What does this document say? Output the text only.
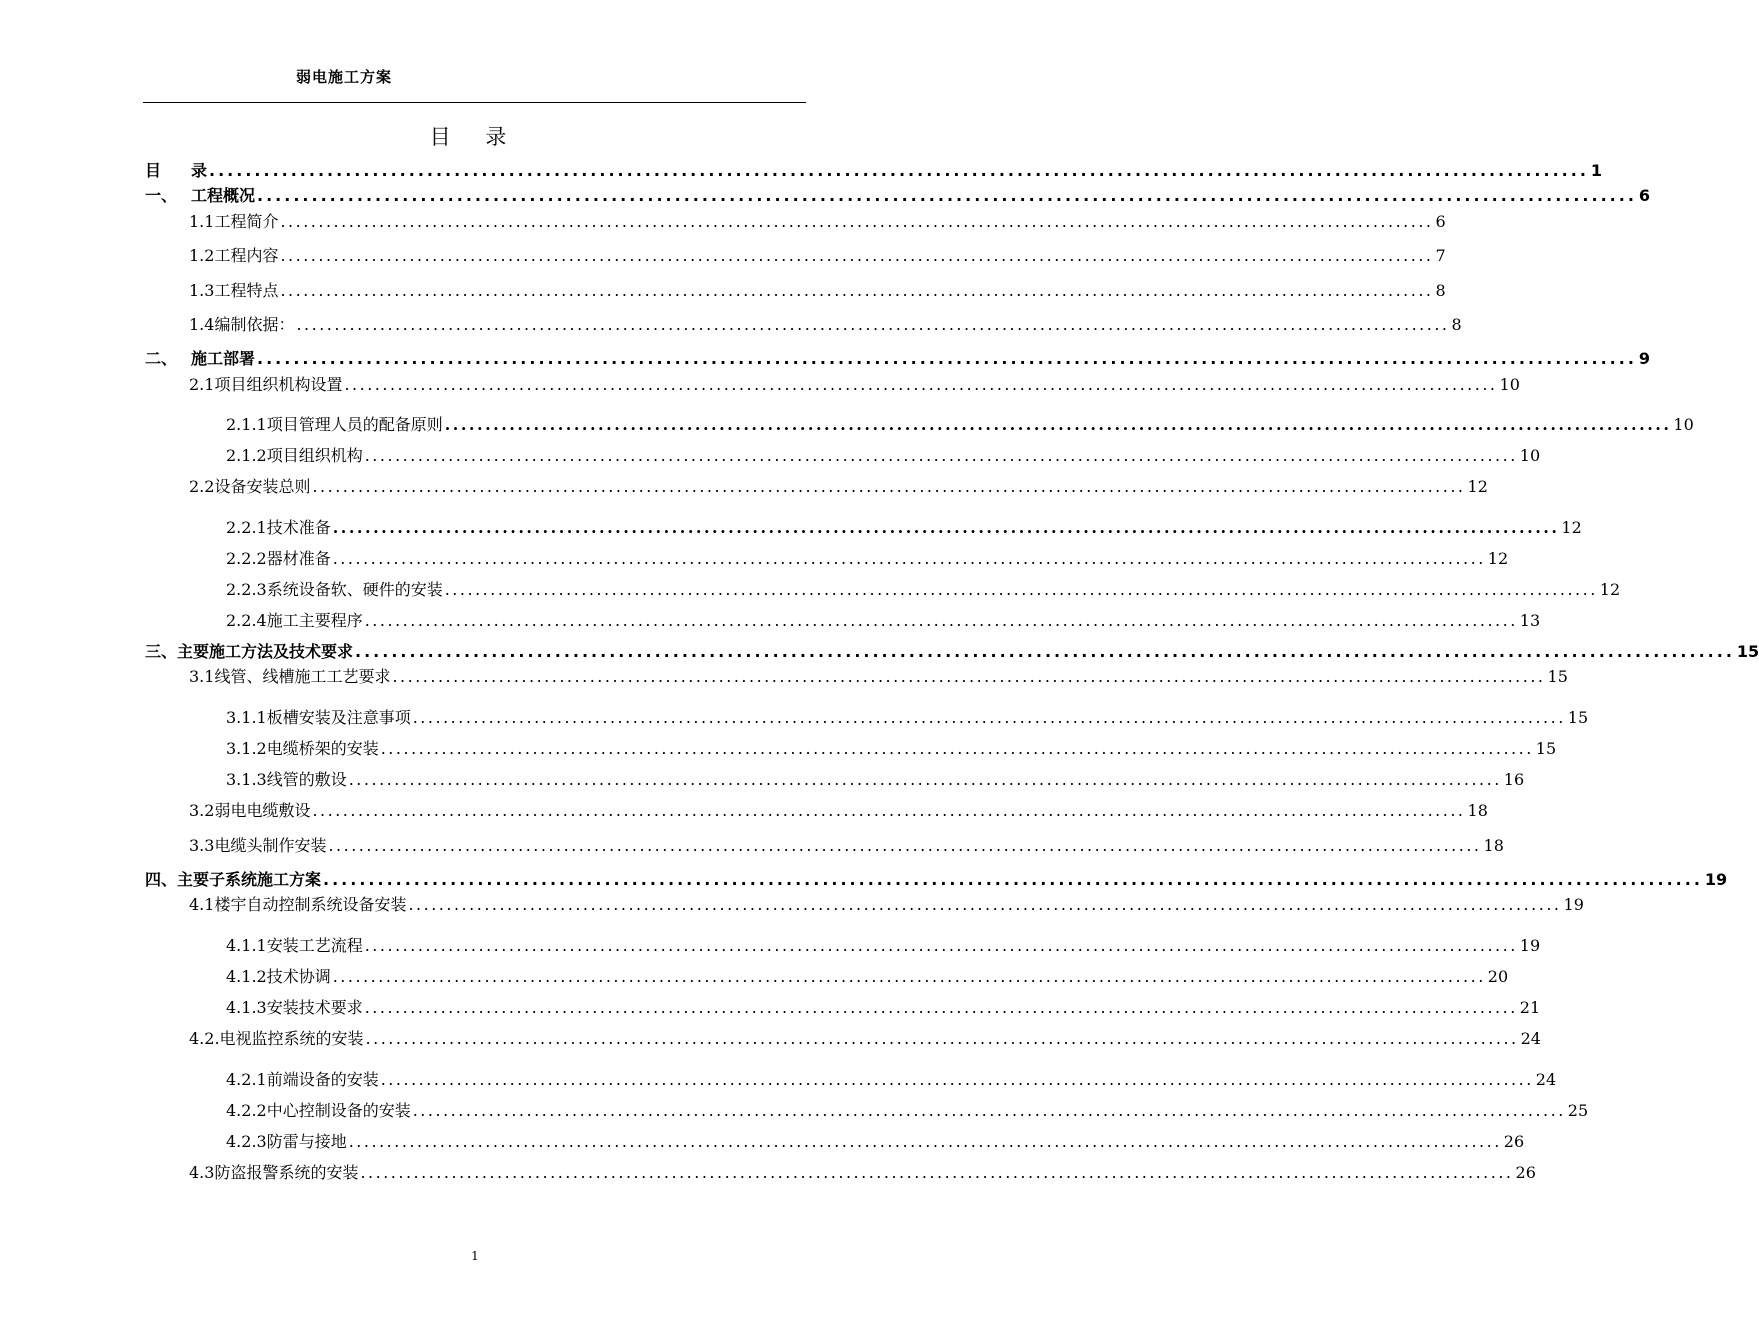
弱电施工方案
目 录
目 录 ........................................................................................................................................................ 1
一、 工程概况 ........................................................................................................................................................ 6
1.1工程简介 ........................................................................................................................................................ 6
1.2工程内容 ........................................................................................................................................................ 7
1.3工程特点 ........................................................................................................................................................ 8
1.4编制依据： ........................................................................................................................................................ 8
二、 施工部署 ........................................................................................................................................................ 9
2.1项目组织机构设置 ........................................................................................................................................................ 10
2.1.1项目管理人员的配备原则 ........................................................................................................................................................ 10
2.1.2项目组织机构 ........................................................................................................................................................ 10
2.2设备安装总则 ........................................................................................................................................................ 12
2.2.1技术准备 ........................................................................................................................................................ 12
2.2.2器材准备 ........................................................................................................................................................ 12
2.2.3系统设备软、硬件的安装 ........................................................................................................................................................ 12
2.2.4施工主要程序 ........................................................................................................................................................ 13
三、主要施工方法及技术要求 ........................................................................................................................................................ 15
3.1线管、线槽施工工艺要求 ........................................................................................................................................................ 15
3.1.1板槽安装及注意事项 ........................................................................................................................................................ 15
3.1.2电缆桥架的安装 ........................................................................................................................................................ 15
3.1.3线管的敷设 ........................................................................................................................................................ 16
3.2弱电电缆敷设 ........................................................................................................................................................ 18
3.3电缆头制作安装 ........................................................................................................................................................ 18
四、主要子系统施工方案 ........................................................................................................................................................ 19
4.1楼宇自动控制系统设备安装 ........................................................................................................................................................ 19
4.1.1安装工艺流程 ........................................................................................................................................................ 19
4.1.2技术协调 ........................................................................................................................................................ 20
4.1.3安装技术要求 ........................................................................................................................................................ 21
4.2.电视监控系统的安装 ........................................................................................................................................................ 24
4.2.1前端设备的安装 ........................................................................................................................................................ 24
4.2.2中心控制设备的安装 ........................................................................................................................................................ 25
4.2.3防雷与接地 ........................................................................................................................................................ 26
4.3防盗报警系统的安装 ........................................................................................................................................................ 26
1
